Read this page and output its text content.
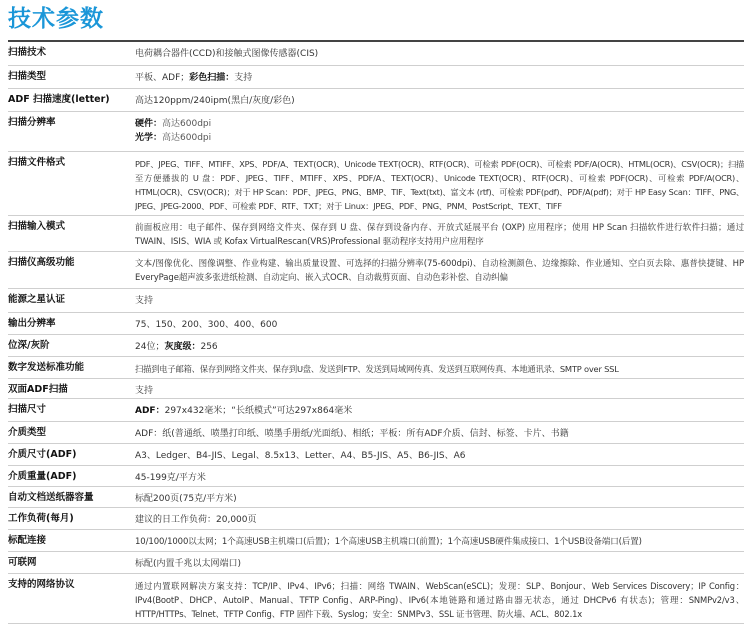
技术参数
扫描技术	电荷耦合器件(CCD)和接触式图像传感器(CIS)
扫描类型	平板、ADF；彩色扫描：支持
ADF 扫描速度(letter)	高达120ppm/240ipm(黑白/灰度/彩色)
扫描分辨率	硬件：高达600dpi
光学：高达600dpi

扫描文件格式	PDF、JPEG、TIFF、MTIFF、XPS、PDF/A、TEXT(OCR)、Unicode TEXT(OCR)、RTF(OCR)、可检索 PDF(OCR)、可检索 PDF/A(OCR)、HTML(OCR)、CSV(OCR)；扫描至方便播拔的 U 盘：PDF、JPEG、TIFF、MTIFF、XPS、PDF/A、TEXT(OCR)、Unicode TEXT(OCR)、RTF(OCR)、可检索 PDF(OCR)、可检索 PDF/A(OCR)、HTML(OCR)、CSV(OCR)；对于 HP Scan：PDF、JPEG、PNG、BMP、TIF、Text(txt)、富文本 (rtf)、可检索 PDF(pdf)、PDF/A(pdf)；对于 HP Easy Scan：TIFF、PNG、JPEG、JPEG-2000、PDF、可检索 PDF、RTF、TXT；对于 Linux：JPEG、PDF、PNG、PNM、PostScript、TEXT、TIFF
扫描输入模式	前面板应用：电子邮件、保存到网络文件夹、保存到 U 盘、保存到设备内存、开放式延展平台 (OXP) 应用程序；使用 HP Scan 扫描软件进行软件扫描；通过 TWAIN、ISIS、WIA 或 Kofax VirtualRescan(VRS)Professional 驱动程序支持用户应用程序
扫描仪高级功能	文本/图像优化、图像调整、作业构建、输出质量设置、可选择的扫描分辨率(75-600dpi)、自动检测颜色、边缘擦除、作业通知、空白页去除、惠普快捷键、HP EveryPage超声波多张进纸检测、自动定向、嵌入式OCR、自动裁剪页面、自动色彩补偿、自动纠偏
能源之星认证	支持
输出分辨率	75、150、200、300、400、600
位深/灰阶	24位；灰度级：256
数字发送标准功能	扫描到电子邮箱、保存到网络文件夹、保存到U盘、发送到FTP、发送到局域网传真、发送到互联网传真、本地通讯录、SMTP over SSL
双面ADF扫描	支持
扫描尺寸	ADF：297x432毫米；“长纸模式”可达297x864毫米
介质类型	ADF：纸(普通纸、喷墨打印纸、喷墨手册纸/光面纸)、相纸；平板：所有ADF介质、信封、标签、卡片、书籍
介质尺寸(ADF)	A3、Ledger、B4-JIS、Legal、8.5x13、Letter、A4、B5-JIS、A5、B6-JIS、A6
介质重量(ADF)	45-199克/平方米
自动文档送纸器容量	标配200页(75克/平方米)
工作负荷(每月)	建议的日工作负荷：20,000页
标配连接	10/100/1000以太网；1个高速USB主机端口(后置)；1个高速USB主机端口(前置)；1个高速USB硬件集成接口、1个USB设备端口(后置)
可联网	标配(内置千兆以太网端口)
支持的网络协议	通过内置联网解决方案支持：TCP/IP、IPv4、IPv6；扫描：网络 TWAIN、WebScan(eSCL)；发现：SLP、Bonjour、Web Services Discovery；IP Config：IPv4(BootP、DHCP、AutoIP、Manual、TFTP Config、ARP-Ping)、IPv6(本地链路和通过路由器无状态，通过 DHCPv6 有状态)；管理：SNMPv2/v3、HTTP/HTTPs、Telnet、TFTP Config、FTP 固件下载、Syslog；安全：SNMPv3、SSL 证书管理、防火墙、ACL、802.1x
